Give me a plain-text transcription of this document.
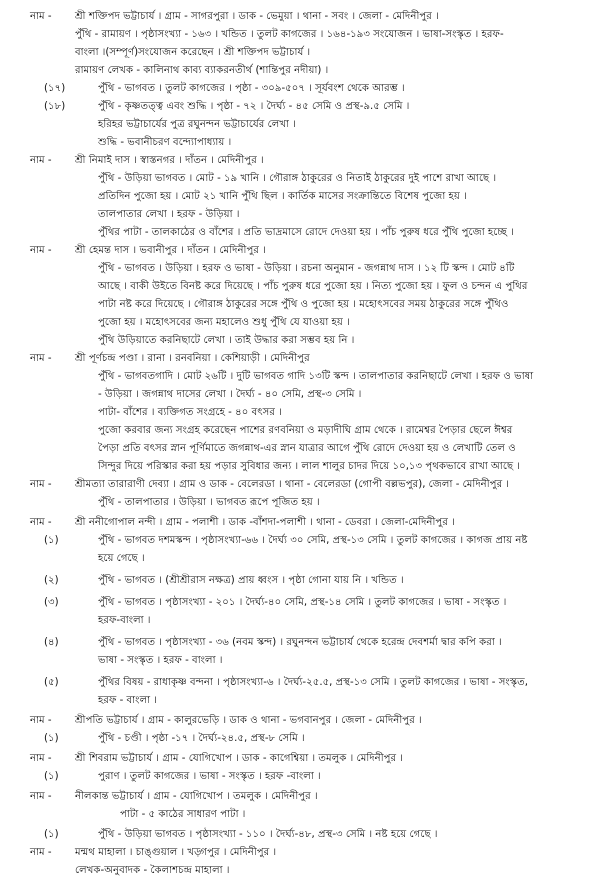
নাম - শ্রী শক্তিপদ ভট্টাচার্য । গ্রাম - সাগরপুরা । ডাক - ভেমুয়া । থানা - সবং । জেলা - মেদিনীপুর ।
পুঁথি - রামায়ণ । পৃষ্ঠাসংখ্যা - ১৬৩ । খন্ডিত । তুলট কাগজের । ১৬৪-১৯৩ সংযোজন । ভাষা-সংস্কৃত । হরফ-
বাংলা ।(সম্পূর্ণ)সংযোজন করেছেন । শ্রী শক্তিপদ ভট্টাচার্য ।
রামায়ণ লেখক - কালিনাথ কাব্য ব্যাকরনতীর্থ (শান্তিপুর নদীয়া) ।
(১৭)	পুঁথি - ভাগবত । তুলট কাগজের । পৃষ্ঠা - ৩০৯-৫০৭ । সূর্যবংশ থেকে আরম্ভ ।
(১৮)	পুঁথি - কৃষ্ণতত্ত্ব এবং শুদ্ধি । পৃষ্ঠা - ৭২ । দৈর্ঘ্য - ৪৫ সেমি ও প্রস্থ-৯.৫ সেমি ।
হরিহর ভট্টাচার্যের পুত্র রঘুনন্দন ভট্টাচার্যের লেখা ।
শুদ্ধি - ভবানীচরণ বন্দ্যোপাধ্যায় ।
নাম - শ্রী নিমাই দাস । স্বাস্তনগর । দাঁতন । মেদিনীপুর ।
পুঁথি - উড়িয়া ভাগবত । মোট - ১৯ খানি । গৌরাঙ্গ ঠাকুরের ও নিতাই ঠাকুরের দুই পাশে রাখা আছে ।
প্রতিদিন পুজো হয় । মোট ২১ খানি পুঁথি ছিল । কার্তিক মাসের সংক্রান্তিতে বিশেষ পুজো হয় ।
তালপাতার লেখা । হরফ - উড়িয়া ।
পুঁথির পাটা - তালকাঠের ও বাঁশের । প্রতি ভাদ্রমাসে রোদে দেওয়া হয় । পাঁচ পুরুষ ধরে পুঁথি পুজো হচ্ছে ।
নাম - শ্রী হেমন্ত দাস । ভবানীপুর । দাঁতন । মেদিনীপুর ।
পুঁথি - ভাগবত । উড়িয়া । হরফ ও ভাষা - উড়িয়া । রচনা অনুমান - জগন্নাথ দাস । ১২ টি স্কন্দ । মোট ৪টি
আছে । বাকী উইতে বিনষ্ট করে দিয়েছে । পাঁচ পুরুষ ধরে পুজো হয় । নিত্য পুজো হয় । ফুল ও চন্দন এ পুথির
পাটা নষ্ট করে দিয়েছে । গৌরাঙ্গ ঠাকুরের সঙ্গে পুঁথি ও পুজো হয় । মহোৎসবের সময় ঠাকুরের সঙ্গে পুঁথিও
পুজো হয় । মহোৎসবের জন্য মহালেও শুধু পুঁথি যে যাওয়া হয় ।
পুঁথি উড়িয়াতে করনিছাটে লেখা । তাই উদ্ধার করা সম্ভব হয় নি ।
নাম - শ্রী পূর্ণচন্দ্র পণ্ডা । রানা । রনবনিয়া । কেশিয়াড়ী । মেদিনীপুর
পুঁথি - ভাগবতগাদি । মোট ২৬টি । দুটি ভাগবত গাদি ১৩টি স্কন্দ । তালপাতার করনিছাটে লেখা । হরফ ও ভাষা
- উড়িয়া । জগন্নাথ দাসের লেখা । দৈর্ঘ্য - ৪০ সেমি, প্রস্থ-৩ সেমি ।
পাটা- বাঁশের । ব্যক্তিগত সংগ্রহে - ৪০ বৎসর ।
পুজো করবার জন্য সংগ্রহ করেছেন পাশের রণবনিয়া ও মড়াদীঘি গ্রাম থেকে । রামেশ্বর পৈড়ার ছেলে ঈশ্বর
পৈড়া প্রতি বৎসর স্নান পূর্ণিমাতে জগন্নাথ-এর স্নান যাত্রার আগে পুঁথি রোদে দেওয়া হয় ও লেখাটি তেল ও
সিন্দুর দিয়ে পরিস্কার করা হয় পড়ার সুবিধার জন্য । লাল শালুর চাদর দিয়ে ১০,১৩ পৃথকভাবে রাখা আছে ।
নাম - শ্রীমত্যা তারারাণী দেব্যা । গ্রাম ও ডাক - বেলেরডা । থানা - বেলেরডা (গোপী বল্লভপুর), জেলা - মেদিনীপুর ।
পুঁথি - তালপাতার । উড়িয়া । ভাগবত রূপে পূজিত হয় ।
নাম - শ্রী ননীগোপাল নন্দী । গ্রাম - পলাশী । ডাক -বাঁশদা-পলাশী । থানা - ডেবরা । জেলা-মেদিনীপুর ।
(১)	পুঁথি - ভাগবত দশমস্কন্দ । পৃষ্ঠাসংখ্যা-৬৬ । দৈর্ঘ্য ৩০ সেমি, প্রস্থ-১৩ সেমি । তুলট কাগজের । কাগজ প্রায় নষ্ট
হয়ে গেছে ।
(২)	পুঁথি - ভাগবত । (শ্রীশ্রীরাস নক্ষত্র) প্রায় ধ্বংস । পৃষ্ঠা গোনা যায় নি । খন্ডিত ।
(৩)	পুঁথি - ভাগবত । পৃষ্ঠাসংখ্যা - ২০১ । দৈর্ঘ্য-৪০ সেমি, প্রস্থ-১৪ সেমি । তুলট কাগজের । ভাষা - সংস্কৃত ।
হরফ-বাংলা ।
(৪)	পুঁথি - ভাগবত । পৃষ্ঠাসংখ্যা - ৩৬ (নবম স্কন্দ) । রঘুনন্দন ভট্টাচার্য থেকে হরেন্দ্র দেবশর্মা দ্বার কপি করা ।
ভাষা - সংস্কৃত । হরফ - বাংলা ।
(৫)	পুঁথির বিষয় - রাধাকৃষ্ণ বন্দনা । পৃষ্ঠাসংখ্যা-৬ । দৈর্ঘ্য-২৫.৫, প্রস্থ-১৩ সেমি । তুলট কাগজের । ভাষা - সংস্কৃত,
হরফ - বাংলা ।
নাম - শ্রীপতি ভট্টাচার্য । গ্রাম - কালুরভেড়ি । ডাক ও থানা - ভগবানপুর । জেলা - মেদিনীপুর ।
(১)	পুঁথি - চণ্ডী । পৃষ্ঠা -১৭ । দৈর্ঘ্য-২৪.৫, প্রস্থ-৮ সেমি ।
নাম - শ্রী শিবরাম ভট্টাচার্য । গ্রাম - যোগিখোপ । ডাক - কাগেশ্বিয়া । তমলুক । মেদিনীপুর ।
(১)	পুরাণ । তুলট কাগজের । ভাষা - সংস্কৃত । হরফ -বাংলা ।
নাম - নীলকান্ত ভট্টাচার্য । গ্রাম - যোগিখোপ । তমলুক । মেদিনীপুর ।
পাটা - ৫ কাঠের সাধারণ পাটা ।
(১)	পুঁথি - উড়িয়া ভাগবত । পৃষ্ঠাসংখ্যা - ১১০ । দৈর্ঘ্য-৪৮, প্রস্থ-৩ সেমি । নষ্ট হয়ে গেছে ।
নাম - মন্মথ মাহালা । চাঙ্গুয়াল । খড়্গপুর । মেদিনীপুর ।
লেখক-অনুবাদক - কৈলাশচন্দ্র মাহালা ।
